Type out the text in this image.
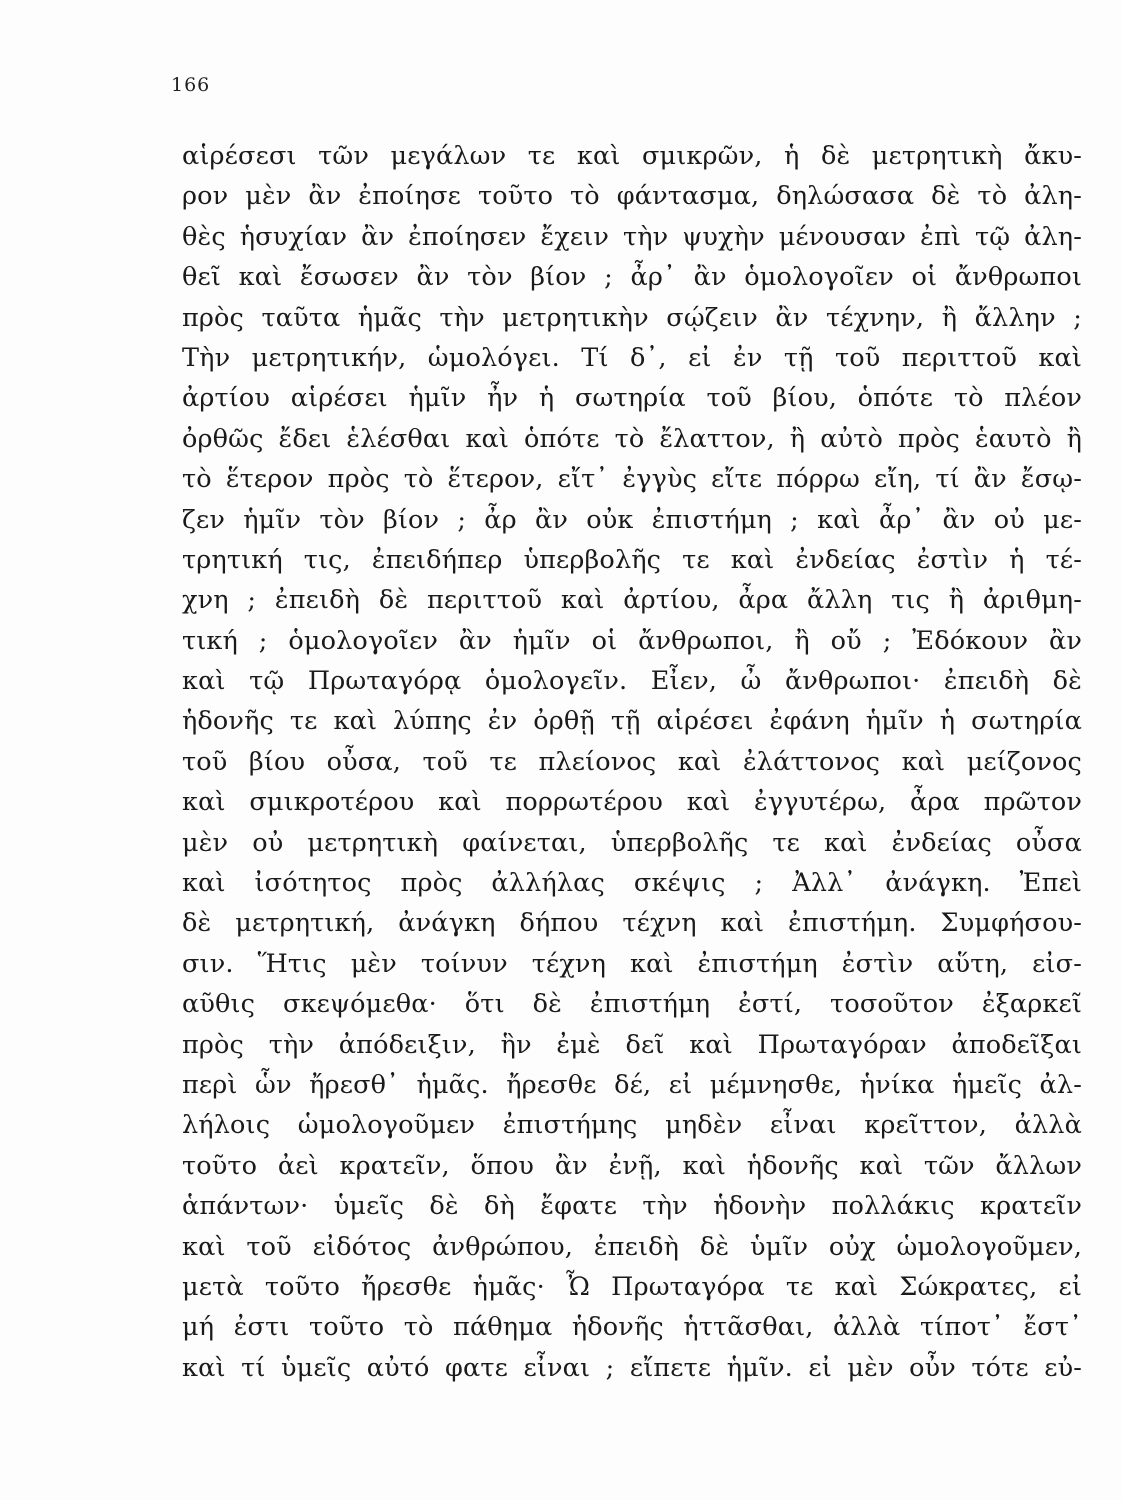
166
αἱρέσεσι τῶν μεγάλων τε καὶ σμικρῶν, ἡ δὲ μετρητικὴ ἄκυ-
ρον μὲν ἂν ἐποίησε τοῦτο τὸ φάντασμα, δηλώσασα δὲ τὸ ἀλη-
θὲς ἡσυχίαν ἂν ἐποίησεν ἔχειν τὴν ψυχὴν μένουσαν ἐπὶ τῷ ἀλη-
θεῖ καὶ ἔσωσεν ἂν τὸν βίον ; ἆρ᾽ ἂν ὁμολογοῖεν οἱ ἄνθρωποι
πρὸς ταῦτα ἡμᾶς τὴν μετρητικὴν σῴζειν ἂν τέχνην, ἢ ἄλλην ;
Τὴν μετρητικήν, ὡμολόγει. Τί δ᾽, εἰ ἐν τῇ τοῦ περιττοῦ καὶ
ἀρτίου αἱρέσει ἡμῖν ἦν ἡ σωτηρία τοῦ βίου, ὁπότε τὸ πλέον
ὀρθῶς ἔδει ἑλέσθαι καὶ ὁπότε τὸ ἔλαττον, ἢ αὐτὸ πρὸς ἑαυτὸ ἢ
τὸ ἕτερον πρὸς τὸ ἕτερον, εἴτ᾽ ἐγγὺς εἴτε πόρρω εἴη, τί ἂν ἔσῳ-
ζεν ἡμῖν τὸν βίον ; ἆρ ἂν οὐκ ἐπιστήμη ; καὶ ἆρ᾽ ἂν οὐ με-
τρητική τις, ἐπειδήπερ ὑπερβολῆς τε καὶ ἐνδείας ἐστὶν ἡ τέ-
χνη ; ἐπειδὴ δὲ περιττοῦ καὶ ἀρτίου, ἆρα ἄλλη τις ἢ ἀριθμη-
τική ; ὁμολογοῖεν ἂν ἡμῖν οἱ ἄνθρωποι, ἢ οὔ ; Ἐδόκουν ἂν
καὶ τῷ Πρωταγόρᾳ ὁμολογεῖν. Εἶεν, ὦ ἄνθρωποι· ἐπειδὴ δὲ
ἡδονῆς τε καὶ λύπης ἐν ὀρθῇ τῇ αἱρέσει ἐφάνη ἡμῖν ἡ σωτηρία
τοῦ βίου οὖσα, τοῦ τε πλείονος καὶ ἐλάττονος καὶ μείζονος
καὶ σμικροτέρου καὶ πορρωτέρου καὶ ἐγγυτέρω, ἆρα πρῶτον
μὲν οὐ μετρητικὴ φαίνεται, ὑπερβολῆς τε καὶ ἐνδείας οὖσα
καὶ ἰσότητος πρὸς ἀλλήλας σκέψις ; Ἀλλ᾽ ἀνάγκη. Ἐπεὶ
δὲ μετρητική, ἀνάγκη δήπου τέχνη καὶ ἐπιστήμη. Συμφήσου-
σιν. Ἥτις μὲν τοίνυν τέχνη καὶ ἐπιστήμη ἐστὶν αὕτη, εἰσ-
αῦθις σκεψόμεθα· ὅτι δὲ ἐπιστήμη ἐστί, τοσοῦτον ἐξαρκεῖ
πρὸς τὴν ἀπόδειξιν, ἣν ἐμὲ δεῖ καὶ Πρωταγόραν ἀποδεῖξαι
περὶ ὧν ἤρεσθ᾽ ἡμᾶς. ἤρεσθε δέ, εἰ μέμνησθε, ἡνίκα ἡμεῖς ἀλ-
λήλοις ὡμολογοῦμεν ἐπιστήμης μηδὲν εἶναι κρεῖττον, ἀλλὰ
τοῦτο ἀεὶ κρατεῖν, ὅπου ἂν ἐνῇ, καὶ ἡδονῆς καὶ τῶν ἄλλων
ἁπάντων· ὑμεῖς δὲ δὴ ἔφατε τὴν ἡδονὴν πολλάκις κρατεῖν
καὶ τοῦ εἰδότος ἀνθρώπου, ἐπειδὴ δὲ ὑμῖν οὐχ ὡμολογοῦμεν,
μετὰ τοῦτο ἤρεσθε ἡμᾶς· Ὦ Πρωταγόρα τε καὶ Σώκρατες, εἰ
μή ἐστι τοῦτο τὸ πάθημα ἡδονῆς ἡττᾶσθαι, ἀλλὰ τίποτ᾽ ἔστ᾽
καὶ τί ὑμεῖς αὐτό φατε εἶναι ; εἴπετε ἡμῖν. εἰ μὲν οὖν τότε εὐ-
